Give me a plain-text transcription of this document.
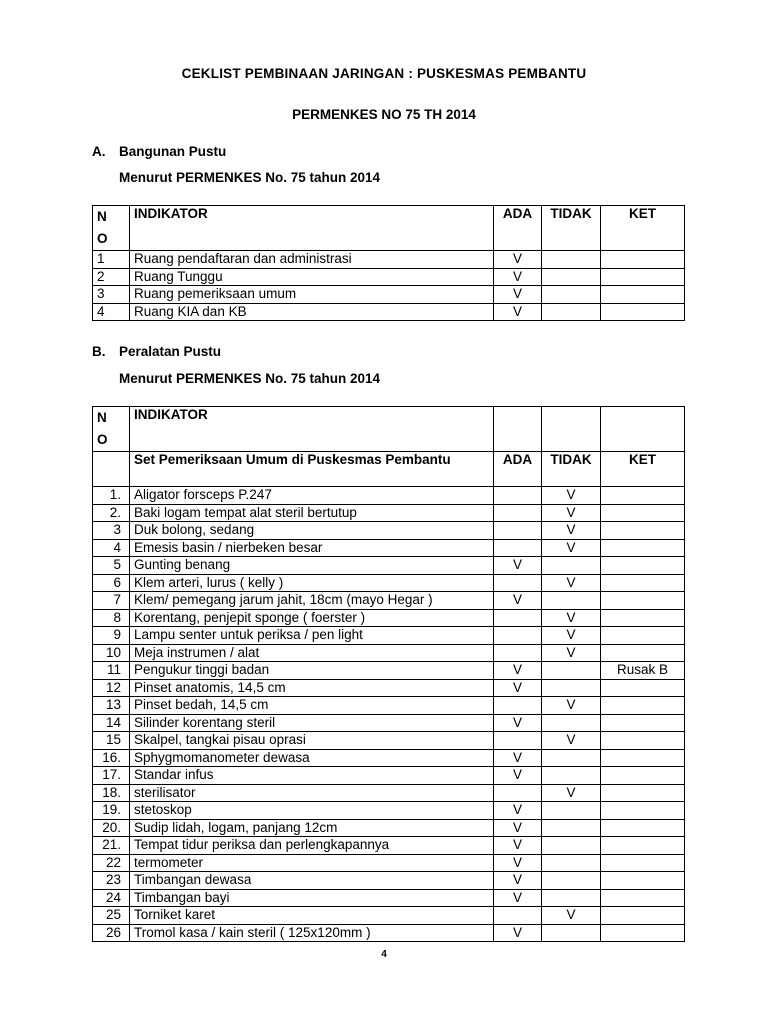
CEKLIST PEMBINAAN JARINGAN : PUSKESMAS PEMBANTU
PERMENKES NO 75 TH 2014
A. Bangunan Pustu
Menurut PERMENKES No. 75 tahun 2014
N
O	INDIKATOR	ADA	TIDAK	KET
1	Ruang pendaftaran dan administrasi	V		
2	Ruang Tunggu	V		
3	Ruang pemeriksaan umum	V		
4	Ruang KIA dan KB	V		
B. Peralatan Pustu
Menurut PERMENKES No. 75 tahun 2014
N
O	INDIKATOR			
	Set Pemeriksaan Umum di Puskesmas Pembantu	ADA	TIDAK	KET
1.	Aligator forsceps P.247		V	
2.	Baki logam tempat alat steril bertutup		V	
3	Duk bolong, sedang		V	
4	Emesis basin / nierbeken besar		V	
5	Gunting benang	V		
6	Klem arteri, lurus ( kelly )		V	
7	Klem/ pemegang jarum jahit, 18cm (mayo Hegar )	V		
8	Korentang, penjepit sponge ( foerster )		V	
9	Lampu senter untuk periksa / pen light		V	
10	Meja instrumen / alat		V	
11	Pengukur tinggi badan	V		Rusak B
12	Pinset anatomis, 14,5 cm	V		
13	Pinset bedah, 14,5 cm		V	
14	Silinder korentang steril	V		
15	Skalpel, tangkai pisau oprasi		V	
16.	Sphygmomanometer dewasa	V		
17.	Standar infus	V		
18.	sterilisator		V	
19.	stetoskop	V		
20.	Sudip lidah, logam, panjang 12cm	V		
21.	Tempat tidur periksa dan perlengkapannya	V		
22	termometer	V		
23	Timbangan dewasa	V		
24	Timbangan bayi	V		
25	Torniket karet		V	
26	Tromol kasa / kain steril ( 125x120mm )	V		
4
